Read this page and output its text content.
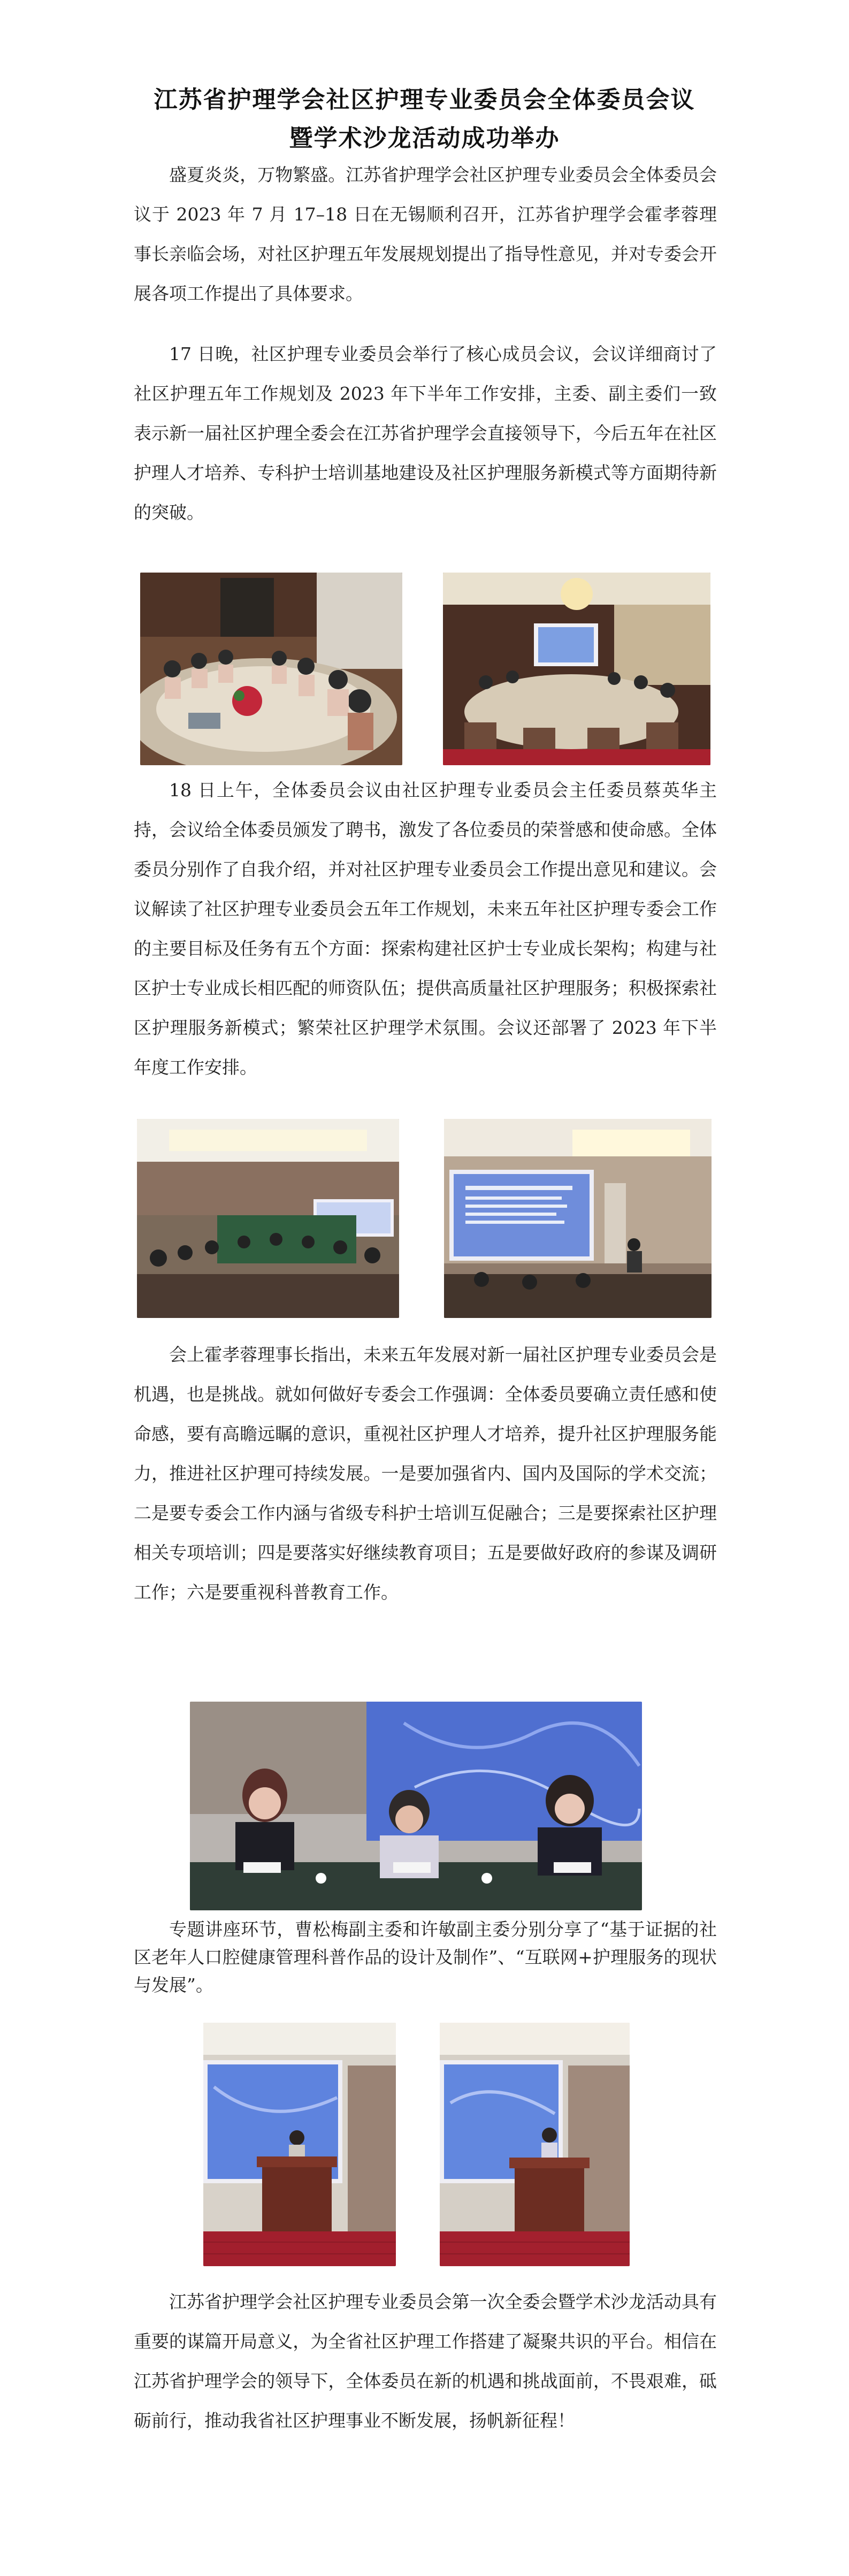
江苏省护理学会社区护理专业委员会全体委员会议
暨学术沙龙活动成功举办

盛夏炎炎，万物繁盛。江苏省护理学会社区护理专业委员会全体委员会议于 2023 年 7 月 17–18 日在无锡顺利召开，江苏省护理学会霍孝蓉理事长亲临会场，对社区护理五年发展规划提出了指导性意见，并对专委会开展各项工作提出了具体要求。

17 日晚，社区护理专业委员会举行了核心成员会议，会议详细商讨了社区护理五年工作规划及 2023 年下半年工作安排，主委、副主委们一致表示新一届社区护理全委会在江苏省护理学会直接领导下，今后五年在社区护理人才培养、专科护士培训基地建设及社区护理服务新模式等方面期待新的突破。

18 日上午，全体委员会议由社区护理专业委员会主任委员蔡英华主持，会议给全体委员颁发了聘书，激发了各位委员的荣誉感和使命感。全体委员分别作了自我介绍，并对社区护理专业委员会工作提出意见和建议。会议解读了社区护理专业委员会五年工作规划，未来五年社区护理专委会工作的主要目标及任务有五个方面：探索构建社区护士专业成长架构；构建与社区护士专业成长相匹配的师资队伍；提供高质量社区护理服务；积极探索社区护理服务新模式；繁荣社区护理学术氛围。会议还部署了 2023 年下半年度工作安排。

会上霍孝蓉理事长指出，未来五年发展对新一届社区护理专业委员会是机遇，也是挑战。就如何做好专委会工作强调：全体委员要确立责任感和使命感，要有高瞻远瞩的意识，重视社区护理人才培养，提升社区护理服务能力，推进社区护理可持续发展。一是要加强省内、国内及国际的学术交流；二是要专委会工作内涵与省级专科护士培训互促融合；三是要探索社区护理相关专项培训；四是要落实好继续教育项目；五是要做好政府的参谋及调研工作；六是要重视科普教育工作。

专题讲座环节，曹松梅副主委和许敏副主委分别分享了“基于证据的社区老年人口腔健康管理科普作品的设计及制作”、“互联网+护理服务的现状与发展”。

江苏省护理学会社区护理专业委员会第一次全委会暨学术沙龙活动具有重要的谋篇开局意义，为全省社区护理工作搭建了凝聚共识的平台。相信在江苏省护理学会的领导下，全体委员在新的机遇和挑战面前，不畏艰难，砥砺前行，推动我省社区护理事业不断发展，扬帆新征程！
